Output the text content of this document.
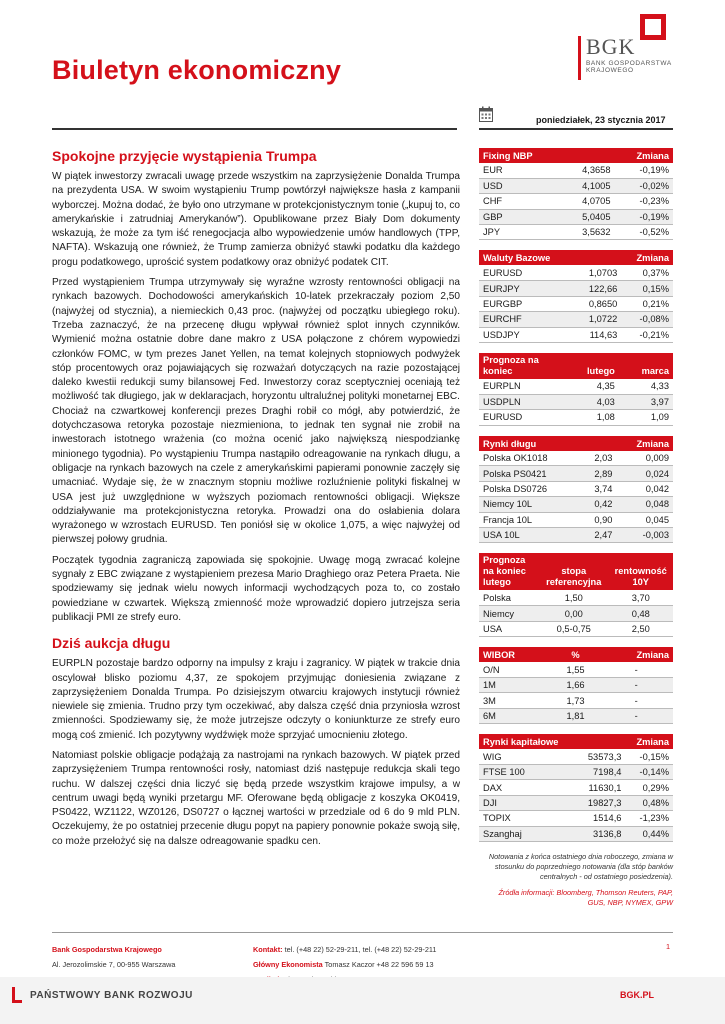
Biuletyn ekonomiczny
BGK
BANK GOSPODARSTWA
KRAJOWEGO
poniedziałek, 23 stycznia 2017
Spokojne przyjęcie wystąpienia Trumpa

W piątek inwestorzy zwracali uwagę przede wszystkim na zaprzysiężenie Donalda Trumpa na prezydenta USA. W swoim wystąpieniu Trump powtórzył największe hasła z kampanii wyborczej. Można dodać, że było ono utrzymane w protekcjonistycznym tonie („kupuj to, co amerykańskie i zatrudniaj Amerykanów”). Opublikowane przez Biały Dom dokumenty wskazują, że może za tym iść renegocjacja albo wypowiedzenie umów handlowych (TPP, NAFTA). Wskazują one również, że Trump zamierza obniżyć stawki podatku dla każdego progu podatkowego, uprościć system podatkowy oraz obniżyć podatek CIT.

Przed wystąpieniem Trumpa utrzymywały się wyraźne wzrosty rentowności obligacji na rynkach bazowych. Dochodowości amerykańskich 10-latek przekraczały poziom 2,50 (najwyżej od stycznia), a niemieckich 0,43 proc. (najwyżej od początku ubiegłego roku). Trzeba zaznaczyć, że na przecenę długu wpływał również splot innych czynników. Wymienić można ostatnie dobre dane makro z USA połączone z chórem wypowiedzi członków FOMC, w tym prezes Janet Yellen, na temat kolejnych stopniowych podwyżek stóp procentowych oraz pojawiających się rozważań dotyczących na razie pozostającej daleko kwestii redukcji sumy bilansowej Fed. Inwestorzy coraz sceptyczniej oceniają też możliwość tak długiego, jak w deklaracjach, horyzontu ultraluźnej polityki monetarnej EBC. Chociaż na czwartkowej konferencji prezes Draghi robił co mógł, aby potwierdzić, że dotychczasowa retoryka pozostaje niezmieniona, to jednak ten sygnał nie zrobił na inwestorach istotnego wrażenia (co można ocenić jako największą niespodziankę minionego tygodnia). Po wystąpieniu Trumpa nastąpiło odreagowanie na rynkach długu, a obligacje na rynkach bazowych na czele z amerykańskimi papierami ponownie zaczęły się umacniać. Wydaje się, że w znacznym stopniu możliwe rozluźnienie polityki fiskalnej w USA jest już uwzględnione w wyższych poziomach rentowności obligacji. Większe oddziaływanie ma protekcjonistyczna retoryka. Prowadzi ona do osłabienia dolara wyrażonego w wzrostach EURUSD. Ten poniósł się w okolice 1,075, a więc najwyżej od pierwszej połowy grudnia.

Początek tygodnia zagraniczą zapowiada się spokojnie. Uwagę mogą zwracać kolejne sygnały z EBC związane z wystąpieniem prezesa Mario Draghiego oraz Petera Praeta. Nie spodziewamy się jednak wielu nowych informacji wychodzących poza to, co zostało powiedziane w czwartek. Większą zmienność może wprowadzić dopiero jutrzejsza seria publikacji PMI ze strefy euro.

Dziś aukcja długu

EURPLN pozostaje bardzo odporny na impulsy z kraju i zagranicy. W piątek w trakcie dnia oscylował blisko poziomu 4,37, ze spokojem przyjmując doniesienia związane z zaprzysiężeniem Donalda Trumpa. Po dzisiejszym otwarciu krajowych instytucji również niewiele się zmienia. Trudno przy tym oczekiwać, aby dalsza część dnia przyniosła wzrost zmienności. Spodziewamy się, że może jutrzejsze odczyty o koniunkturze ze strefy euro mogą coś zmienić. Ich pozytywny wydźwięk może sprzyjać umocnieniu złotego.

Natomiast polskie obligacje podążają za nastrojami na rynkach bazowych. W piątek przed zaprzysiężeniem Trumpa rentowności rosły, natomiast dziś następuje redukcja skali tego ruchu. W dalszej części dnia liczyć się będą przede wszystkim krajowe impulsy, a w centrum uwagi będą wyniki przetargu MF. Oferowane będą obligacje z koszyka OK0419, PS0422, WZ1122, WZ0126, DS0727 o łącznej wartości w przedziale od 6 do 9 mld PLN. Oczekujemy, że po ostatniej przecenie długu popyt na papiery ponownie pokaże swoją siłę, co może przełożyć się na dalsze odreagowanie spadku cen.

Fixing NBP		Zmiana
EUR	4,3658	-0,19%
USD	4,1005	-0,02%
CHF	4,0705	-0,23%
GBP	5,0405	-0,19%
JPY	3,5632	-0,52%
Waluty Bazowe		Zmiana
EURUSD	1,0703	0,37%
EURJPY	122,66	0,15%
EURGBP	0,8650	0,21%
EURCHF	1,0722	-0,08%
USDJPY	114,63	-0,21%
Prognoza na koniec	lutego	marca
EURPLN	4,35	4,33
USDPLN	4,03	3,97
EURUSD	1,08	1,09
Rynki długu		Zmiana
Polska OK1018	2,03	0,009
Polska PS0421	2,89	0,024
Polska DS0726	3,74	0,042
Niemcy 10L	0,42	0,048
Francja 10L	0,90	0,045
USA 10L	2,47	-0,003
Prognoza na koniec lutego	stopa referencyjna	rentowność 10Y
Polska	1,50	3,70
Niemcy	0,00	0,48
USA	0,5-0,75	2,50
WIBOR	%	Zmiana
O/N	1,55	-
1M	1,66	-
3M	1,73	-
6M	1,81	-
Rynki kapitałowe		Zmiana
WIG	53573,3	-0,15%
FTSE 100	7198,4	-0,14%
DAX	11630,1	0,29%
DJI	19827,3	0,48%
TOPIX	1514,6	-1,23%
Szanghaj	3136,8	0,44%
Notowania z końca ostatniego dnia roboczego, zmiana w stosunku do poprzedniego notowania (dla stóp banków centralnych - od ostatniego posiedzenia).
Źródła informacji: Bloomberg, Thomson Reuters, PAP, GUS, NBP, NYMEX, GPW
Bank Gospodarstwa Krajowego
Al. Jerozolimskie 7, 00-955 Warszawa
Kontakt: tel. (+48 22) 52-29-211, tel. (+48 22) 52-29-211
Główny Ekonomista Tomasz Kaczor +48 22 596 59 13
1
PAŃSTWOWY BANK ROZWOJU	BGK.PL
